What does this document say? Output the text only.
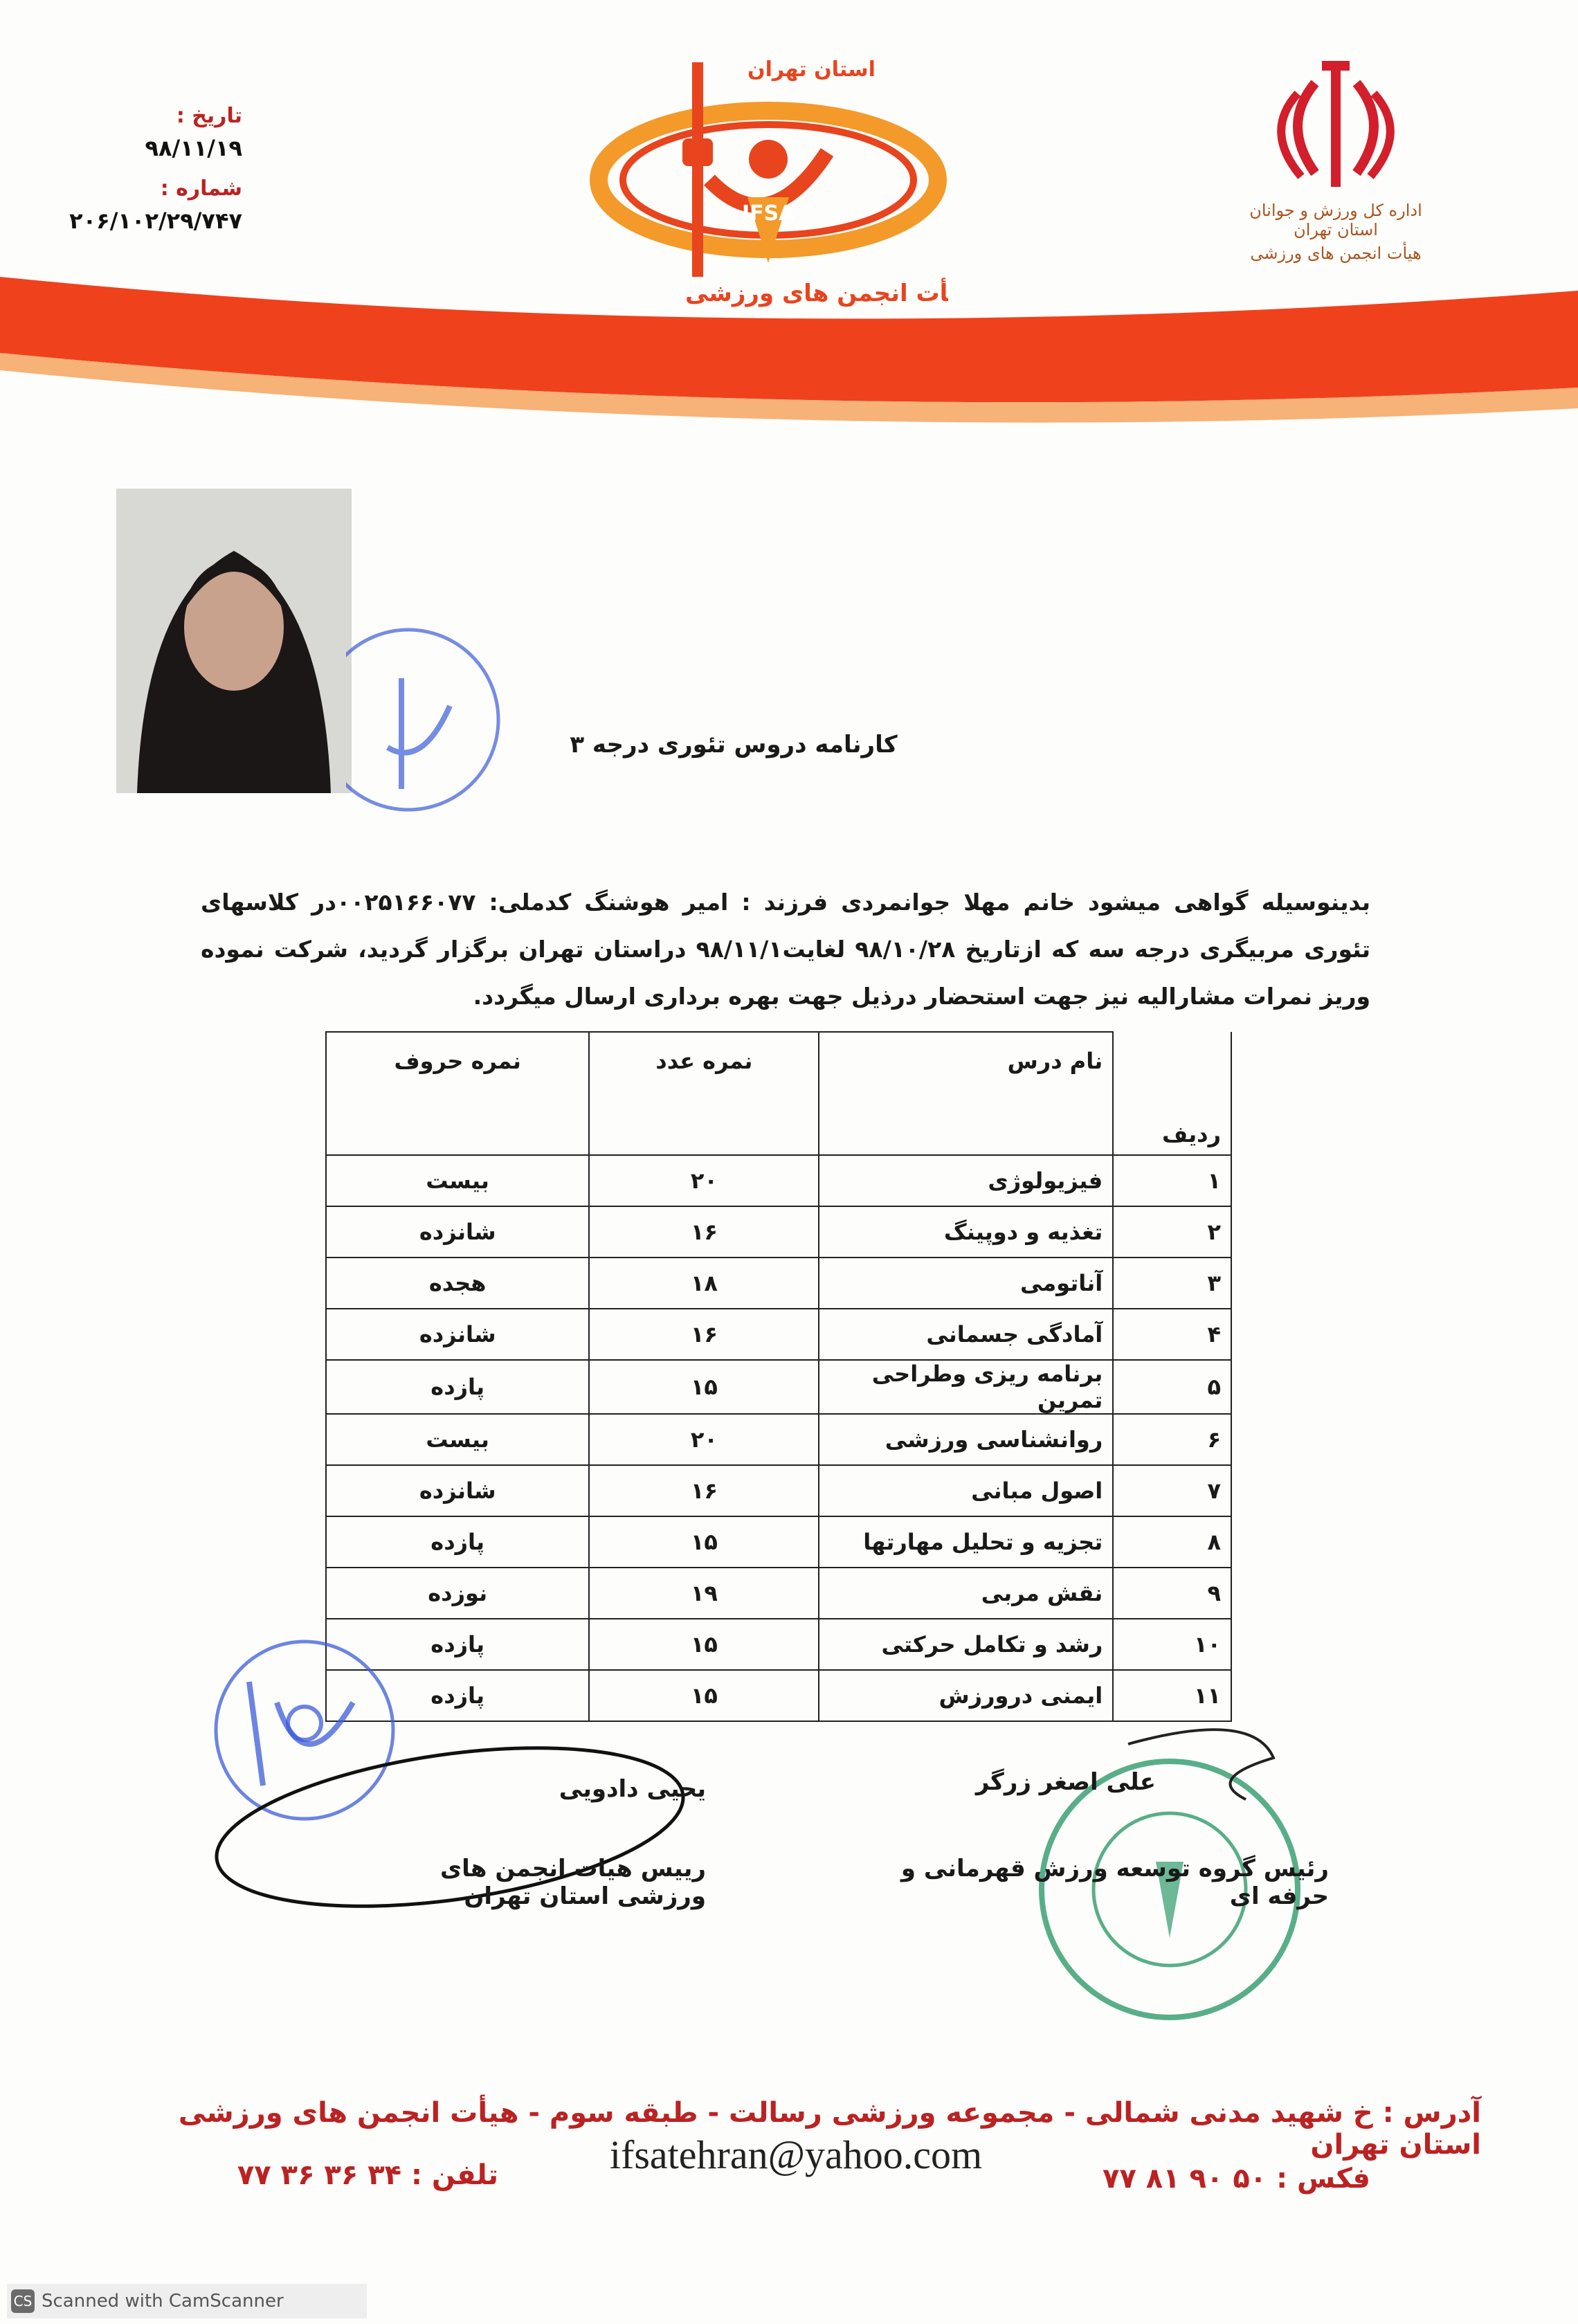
تاریخ :
۹۸/۱۱/۱۹
شماره :
۲۰۶/۱۰۲/۲۹/۷۴۷
استان تهران
IFSA
هیأت انجمن های ورزشی
اداره کل ورزش و جوانان استان تهران
هیأت انجمن های ورزشی
کارنامه دروس تئوری درجه ۳
بدینوسیله گواهی میشود خانم مهلا جوانمردی فرزند : امیر هوشنگ کدملی: ۰۰۲۵۱۶۶۰۷۷در کلاسهای تئوری مربیگری درجه سه که ازتاریخ ۹۸/۱۰/۲۸ لغایت۹۸/۱۱/۱ دراستان تهران برگزار گردید، شرکت نموده وریز نمرات مشارالیه نیز جهت استحضار درذیل جهت بهره برداری ارسال میگردد.
ردیف	نام درس	نمره عدد	نمره حروف
۱	فیزیولوژی	۲۰	بیست
۲	تغذیه و دوپینگ	۱۶	شانزده
۳	آناتومی	۱۸	هجده
۴	آمادگی جسمانی	۱۶	شانزده
۵	برنامه ریزی وطراحی تمرین	۱۵	پازده
۶	روانشناسی ورزشی	۲۰	بیست
۷	اصول مبانی	۱۶	شانزده
۸	تجزیه و تحلیل مهارتها	۱۵	پازده
۹	نقش مربی	۱۹	نوزده
۱۰	رشد و تکامل حرکتی	۱۵	پازده
۱۱	ایمنی درورزش	۱۵	پازده
یحیی دادویی
رییس هیات انجمن های ورزشی استان تهران
علی اصغر زرگر
رئیس گروه توسعه ورزش قهرمانی و حرفه ای
آدرس : خ شهید مدنی شمالی - مجموعه ورزشی رسالت - طبقه سوم - هیأت انجمن های ورزشی استان تهران
ifsatehran@yahoo.com
تلفن : ۳۴ ۳۶ ۳۶ ۷۷	فکس : ۵۰ ۹۰ ۸۱ ۷۷
CS Scanned with CamScanner
